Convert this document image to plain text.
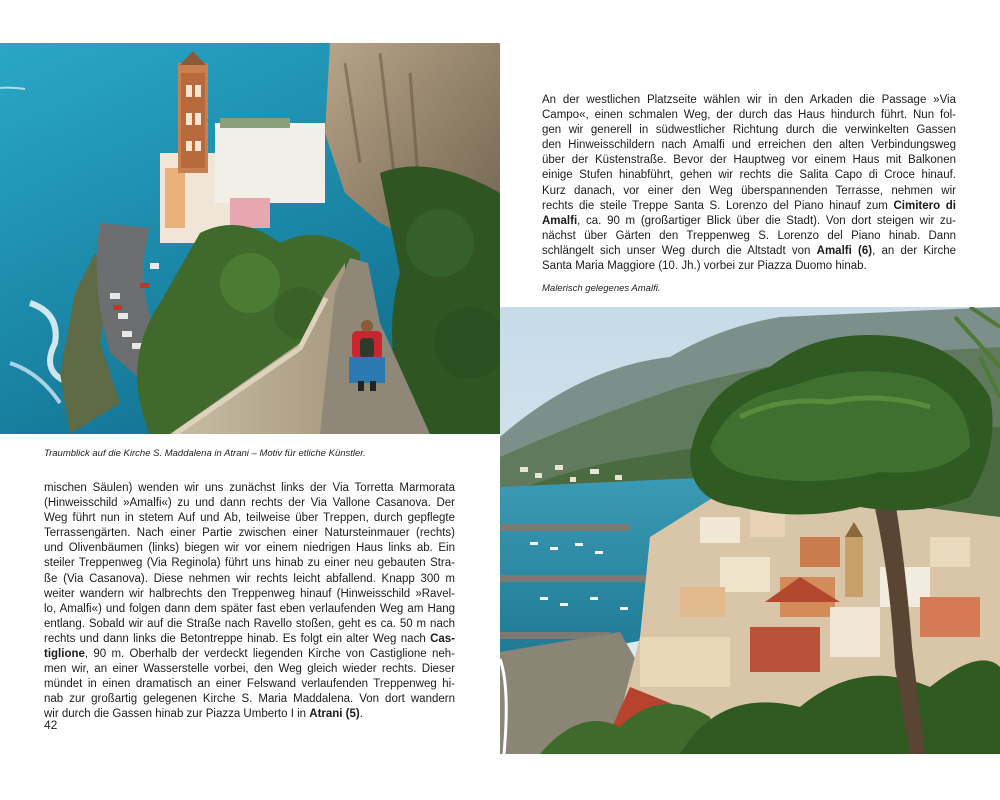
Traumblick auf die Kirche S. Maddalena in Atrani – Motiv für etliche Künstler.
mischen Säulen) wenden wir uns zunächst links der Via Torretta Marmorata
(Hinweisschild »Amalfi«) zu und dann rechts der Via Vallone Casanova. Der
Weg führt nun in stetem Auf und Ab, teilweise über Treppen, durch gepflegte
Terrassengärten. Nach einer Partie zwischen einer Natursteinmauer (rechts)
und Olivenbäumen (links) biegen wir vor einem niedrigen Haus links ab. Ein
steiler Treppenweg (Via Reginola) führt uns hinab zu einer neu gebauten Stra-
ße (Via Casanova). Diese nehmen wir rechts leicht abfallend. Knapp 300 m
weiter wandern wir halbrechts den Treppenweg hinauf (Hinweisschild »Ravel-
lo, Amalfi«) und folgen dann dem später fast eben verlaufenden Weg am Hang
entlang. Sobald wir auf die Straße nach Ravello stoßen, geht es ca. 50 m nach
rechts und dann links die Betontreppe hinab. Es folgt ein alter Weg nach Cas-
tiglione, 90 m. Oberhalb der verdeckt liegenden Kirche von Castiglione neh-
men wir, an einer Wasserstelle vorbei, den Weg gleich wieder rechts. Dieser
mündet in einen dramatisch an einer Felswand verlaufenden Treppenweg hi-
nab zur großartig gelegenen Kirche S. Maria Maddalena. Von dort wandern
wir durch die Gassen hinab zur Piazza Umberto I in Atrani (5).
42
An der westlichen Platzseite wählen wir in den Arkaden die Passage »Via
Campo«, einen schmalen Weg, der durch das Haus hindurch führt. Nun fol-
gen wir generell in südwestlicher Richtung durch die verwinkelten Gassen
den Hinweisschildern nach Amalfi und erreichen den alten Verbindungsweg
über der Küstenstraße. Bevor der Hauptweg vor einem Haus mit Balkonen
einige Stufen hinabführt, gehen wir rechts die Salita Capo di Croce hinauf.
Kurz danach, vor einer den Weg überspannenden Terrasse, nehmen wir
rechts die steile Treppe Santa S. Lorenzo del Piano hinauf zum Cimitero di
Amalfi, ca. 90 m (großartiger Blick über die Stadt). Von dort steigen wir zu-
nächst über Gärten den Treppenweg S. Lorenzo del Piano hinab. Dann
schlängelt sich unser Weg durch die Altstadt von Amalfi (6), an der Kirche
Santa Maria Maggiore (10. Jh.) vorbei zur Piazza Duomo hinab.
Malerisch gelegenes Amalfi.
